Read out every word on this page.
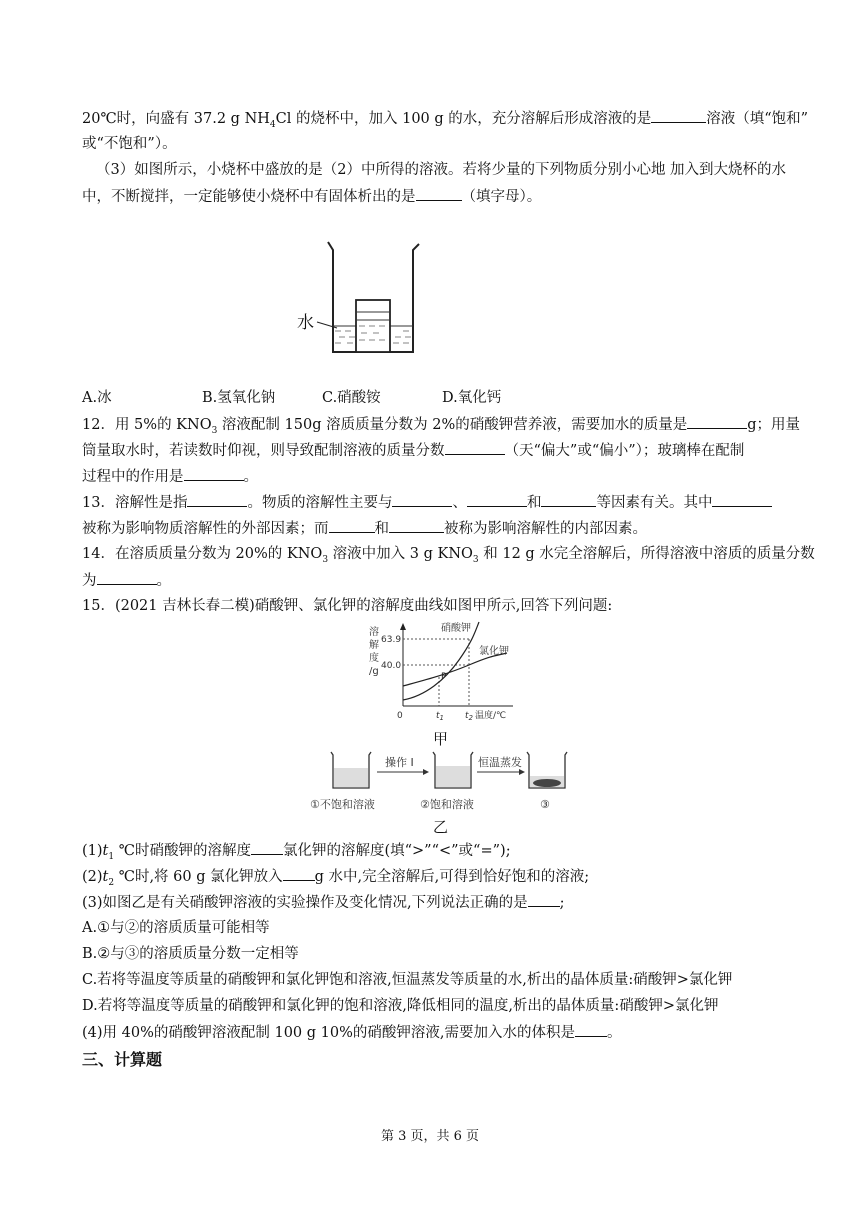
20℃时，向盛有 37.2 g $NH_4Cl$ 的烧杯中，加入 100 g 的水，充分溶解后形成溶液的是	溶液（填“饱和”
或“不饱和”）。
（3）如图所示，小烧杯中盛放的是（2）中所得的溶液。若将少量的下列物质分别小心地 加入到大烧杯的水
中，不断搅拌，一定能够使小烧杯中有固体析出的是	（填字母）。
水
A.冰	B.氢氧化钠	C.硝酸铵	D.氧化钙
12．用 5%的 $KNO_3$ 溶液配制 150g 溶质质量分数为 2%的硝酸钾营养液，需要加水的质量是	g；用量
筒量取水时，若读数时仰视，则导致配制溶液的质量分数	（天“偏大”或“偏小”）；玻璃棒在配制
过程中的作用是	。
13．溶解性是指	。物质的溶解性主要与	、	和	等因素有关。其中
被称为影响物质溶解性的外部因素；而	和	被称为影响溶解性的内部因素。
14．在溶质质量分数为 20%的 $KNO_3$ 溶液中加入 3 g $KNO_3$ 和 12 g 水完全溶解后，所得溶液中溶质的质量分数
为	。
15．(2021 吉林长春二模)硝酸钾、氯化钾的溶解度曲线如图甲所示,回答下列问题:
溶
解
度
/g
63.9
40.0
硝酸钾
氯化钾
P
0	$t_1$ $t_2$ 温度/℃
甲
操作 I	恒温蒸发
①不饱和溶液	②饱和溶液	③
乙
$(1)t_1$ ℃时硝酸钾的溶解度 氯化钾的溶解度(填“>”“<”或“=”);
$(2)t_2$ ℃时,将 60 g 氯化钾放入 g 水中,完全溶解后,可得到恰好饱和的溶液;
(3)如图乙是有关硝酸钾溶液的实验操作及变化情况,下列说法正确的是 ;
A.①与②的溶质质量可能相等
B.②与③的溶质质量分数一定相等
C.若将等温度等质量的硝酸钾和氯化钾饱和溶液,恒温蒸发等质量的水,析出的晶体质量:硝酸钾>氯化钾
D.若将等温度等质量的硝酸钾和氯化钾的饱和溶液,降低相同的温度,析出的晶体质量:硝酸钾>氯化钾
(4)用 40%的硝酸钾溶液配制 100 g 10%的硝酸钾溶液,需要加入水的体积是 。
三、计算题
第 3 页，共 6 页
